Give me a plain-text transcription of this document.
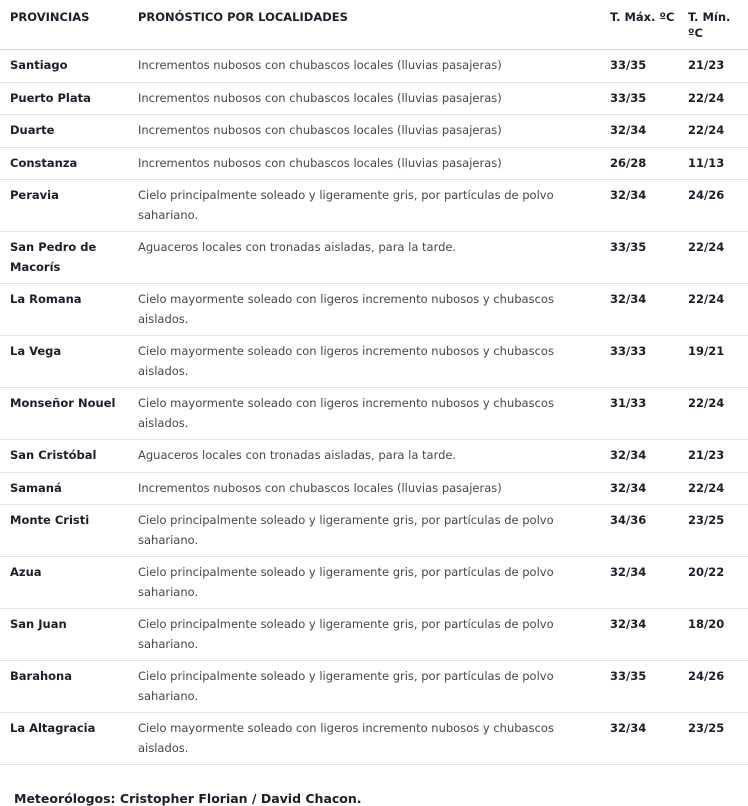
PROVINCIAS	PRONÓSTICO POR LOCALIDADES	T. Máx. ºC	T. Mín. ºC
Santiago	Incrementos nubosos con chubascos locales (lluvias pasajeras)	33/35	21/23
Puerto Plata	Incrementos nubosos con chubascos locales (lluvias pasajeras)	33/35	22/24
Duarte	Incrementos nubosos con chubascos locales (lluvias pasajeras)	32/34	22/24
Constanza	Incrementos nubosos con chubascos locales (lluvias pasajeras)	26/28	11/13
Peravia	Cielo principalmente soleado y ligeramente gris, por partículas de polvo sahariano.	32/34	24/26
San Pedro de Macorís	Aguaceros locales con tronadas aisladas, para la tarde.	33/35	22/24
La Romana	Cielo mayormente soleado con ligeros incremento nubosos y chubascos aislados.	32/34	22/24
La Vega	Cielo mayormente soleado con ligeros incremento nubosos y chubascos aislados.	33/33	19/21
Monseñor Nouel	Cielo mayormente soleado con ligeros incremento nubosos y chubascos aislados.	31/33	22/24
San Cristóbal	Aguaceros locales con tronadas aisladas, para la tarde.	32/34	21/23
Samaná	Incrementos nubosos con chubascos locales (lluvias pasajeras)	32/34	22/24
Monte Cristi	Cielo principalmente soleado y ligeramente gris, por partículas de polvo sahariano.	34/36	23/25
Azua	Cielo principalmente soleado y ligeramente gris, por partículas de polvo sahariano.	32/34	20/22
San Juan	Cielo principalmente soleado y ligeramente gris, por partículas de polvo sahariano.	32/34	18/20
Barahona	Cielo principalmente soleado y ligeramente gris, por partículas de polvo sahariano.	33/35	24/26
La Altagracia	Cielo mayormente soleado con ligeros incremento nubosos y chubascos aislados.	32/34	23/25
Meteorólogos: Cristopher Florian / David Chacon.
